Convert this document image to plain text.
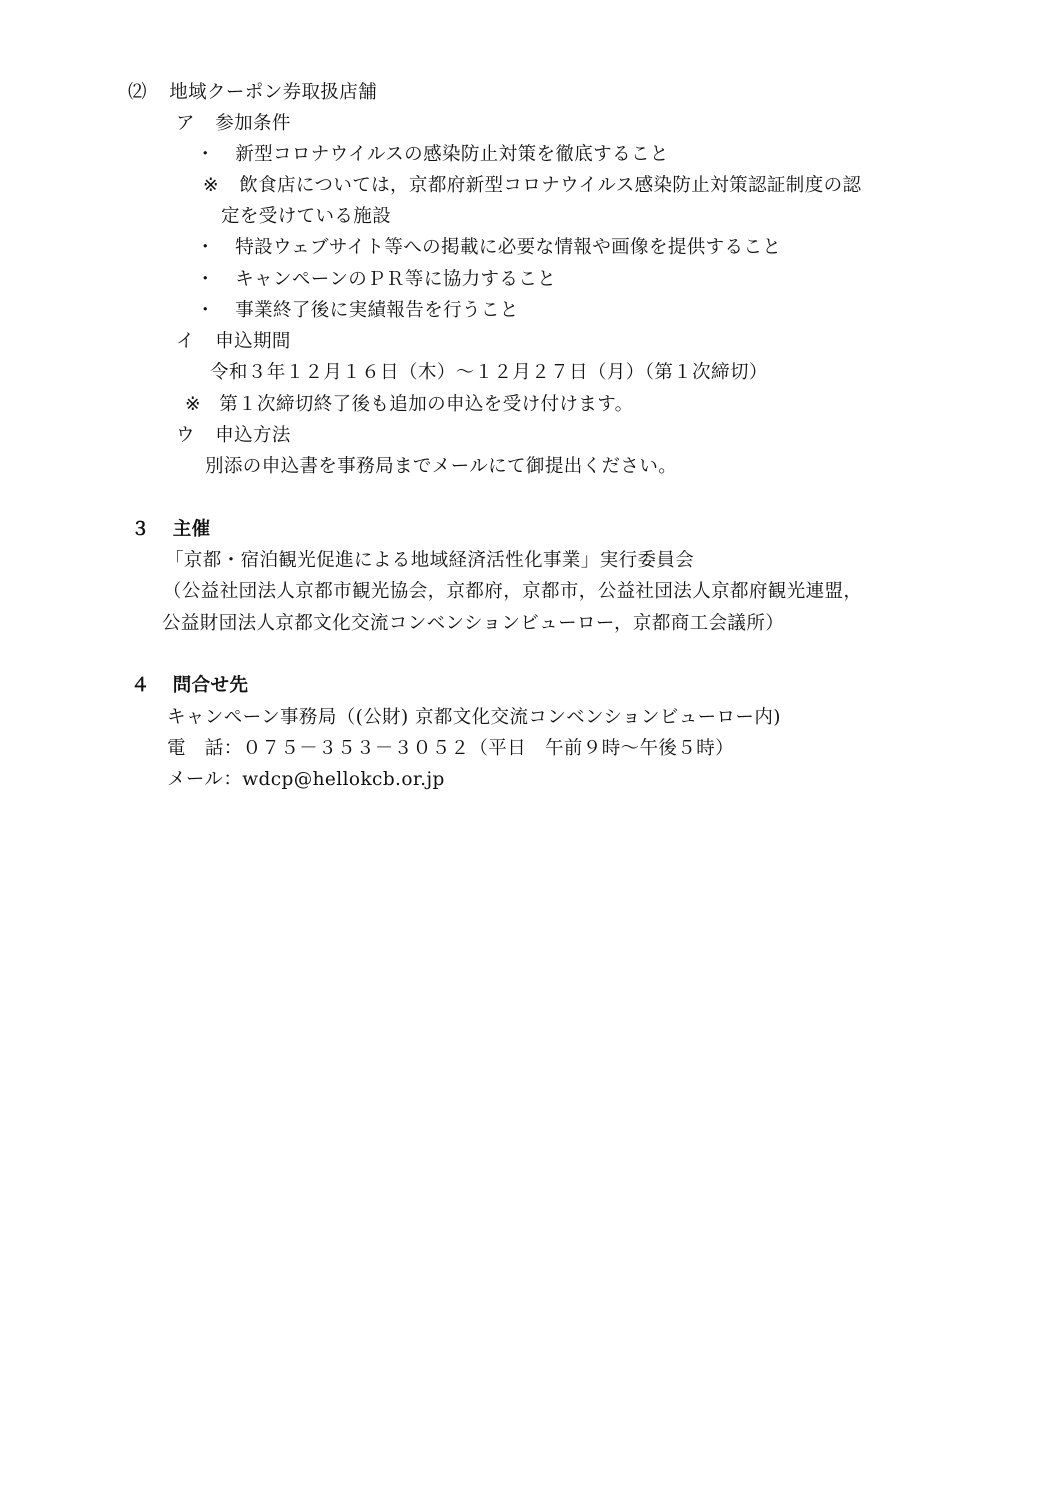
⑵ 地域クーポン券取扱店舗
ア 参加条件
・ 新型コロナウイルスの感染防止対策を徹底すること
※ 飲食店については，京都府新型コロナウイルス感染防止対策認証制度の認
定を受けている施設
・ 特設ウェブサイト等への掲載に必要な情報や画像を提供すること
・ キャンペーンのＰＲ等に協力すること
・ 事業終了後に実績報告を行うこと
イ 申込期間
令和３年１２月１６日（木）～１２月２７日（月）（第１次締切）
※ 第１次締切終了後も追加の申込を受け付けます。
ウ 申込方法
別添の申込書を事務局までメールにて御提出ください。
３ 主催
「京都・宿泊観光促進による地域経済活性化事業」実行委員会
（公益社団法人京都市観光協会，京都府，京都市，公益社団法人京都府観光連盟，
公益財団法人京都文化交流コンベンションビューロー，京都商工会議所）
４ 問合せ先
キャンペーン事務局（(公財) 京都文化交流コンベンションビューロー内)
電　話：０７５－３５３－３０５２（平日　午前９時～午後５時）
メール：wdcp@hellokcb.or.jp
